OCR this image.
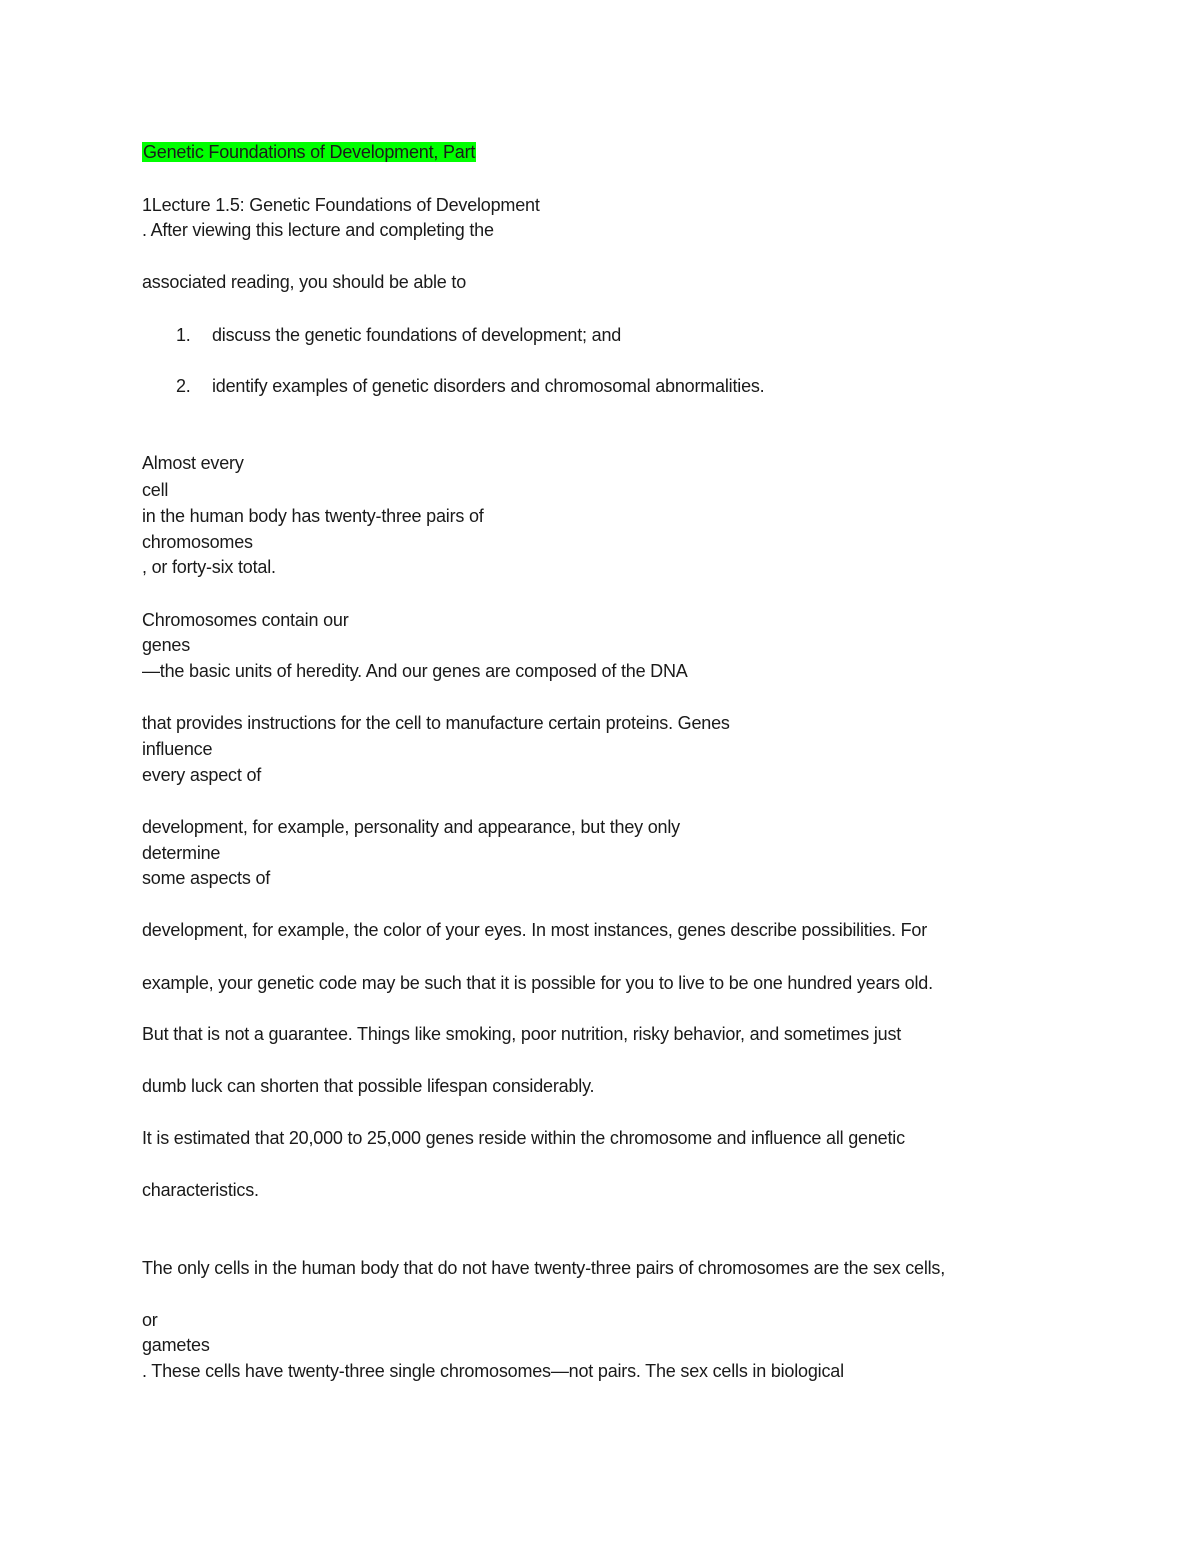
Genetic Foundations of Development, Part
1Lecture 1.5: Genetic Foundations of Development
. After viewing this lecture and completing the
associated reading, you should be able to
1. discuss the genetic foundations of development; and
2. identify examples of genetic disorders and chromosomal abnormalities.
Almost every
cell
in the human body has twenty-three pairs of
chromosomes
, or forty-six total.
Chromosomes contain our
genes
—the basic units of heredity. And our genes are composed of the DNA
that provides instructions for the cell to manufacture certain proteins. Genes
influence
every aspect of
development, for example, personality and appearance, but they only
determine
some aspects of
development, for example, the color of your eyes. In most instances, genes describe possibilities. For
example, your genetic code may be such that it is possible for you to live to be one hundred years old.
But that is not a guarantee. Things like smoking, poor nutrition, risky behavior, and sometimes just
dumb luck can shorten that possible lifespan considerably.
It is estimated that 20,000 to 25,000 genes reside within the chromosome and influence all genetic
characteristics.
The only cells in the human body that do not have twenty-three pairs of chromosomes are the sex cells,
or
gametes
. These cells have twenty-three single chromosomes—not pairs. The sex cells in biological
